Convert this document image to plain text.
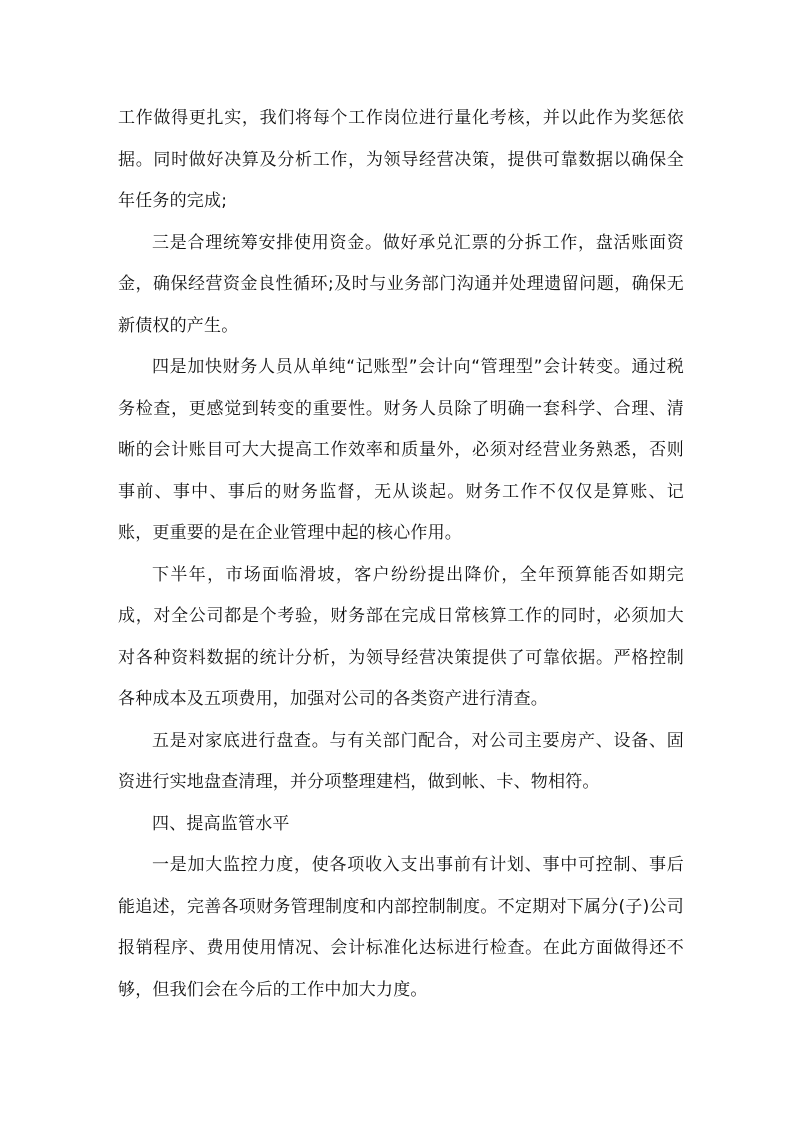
工作做得更扎实，我们将每个工作岗位进行量化考核，并以此作为奖惩依据。同时做好决算及分析工作，为领导经营决策，提供可靠数据以确保全年任务的完成;

三是合理统筹安排使用资金。做好承兑汇票的分拆工作，盘活账面资金，确保经营资金良性循环;及时与业务部门沟通并处理遗留问题，确保无新债权的产生。

四是加快财务人员从单纯“记账型”会计向“管理型”会计转变。通过税务检查，更感觉到转变的重要性。财务人员除了明确一套科学、合理、清晰的会计账目可大大提高工作效率和质量外，必须对经营业务熟悉，否则事前、事中、事后的财务监督，无从谈起。财务工作不仅仅是算账、记账，更重要的是在企业管理中起的核心作用。

下半年，市场面临滑坡，客户纷纷提出降价，全年预算能否如期完成，对全公司都是个考验，财务部在完成日常核算工作的同时，必须加大对各种资料数据的统计分析，为领导经营决策提供了可靠依据。严格控制各种成本及五项费用，加强对公司的各类资产进行清查。

五是对家底进行盘查。与有关部门配合，对公司主要房产、设备、固资进行实地盘查清理，并分项整理建档，做到帐、卡、物相符。

四、提高监管水平

一是加大监控力度，使各项收入支出事前有计划、事中可控制、事后能追述，完善各项财务管理制度和内部控制制度。不定期对下属分(子)公司报销程序、费用使用情况、会计标准化达标进行检查。在此方面做得还不够，但我们会在今后的工作中加大力度。
